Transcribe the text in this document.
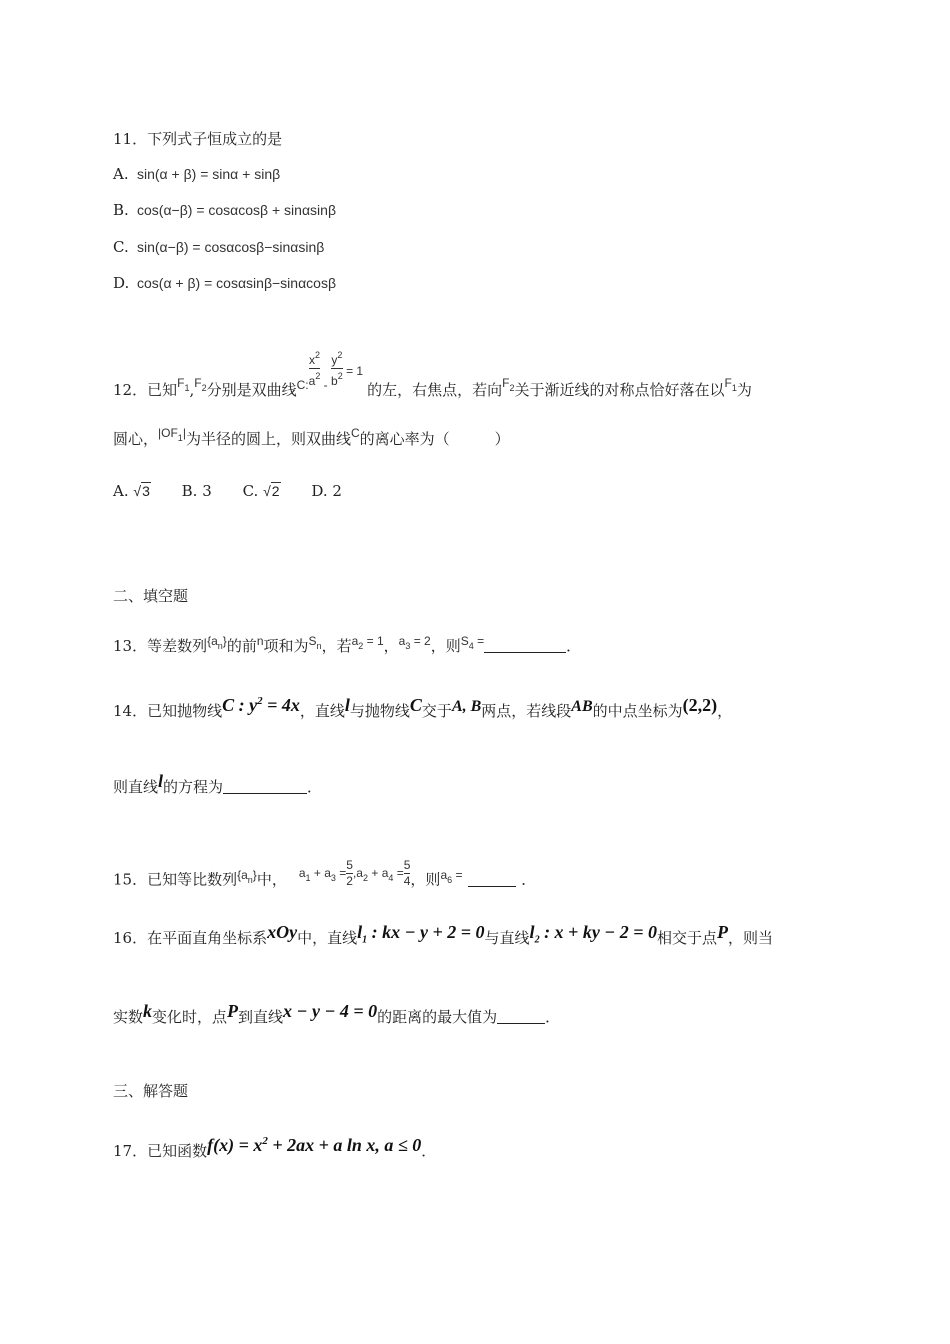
11．下列式子恒成立的是
A. sin(α + β) = sinα + sinβ
B. cos(α−β) = cosαcosβ + sinαsinβ
C. sin(α−β) = cosαcosβ−sinαsinβ
D. cos(α + β) = cosαsinβ−sinαcosβ
12．已知$^{F_1}$,$^{F_2}$分别是双曲线$^{C: \frac{x^2}{a^2} - \frac{y^2}{b^2} = 1}$的左，右焦点，若向$^{F_2}$关于渐近线的对称点恰好落在以$^{F_1}$为
圆心，$^{|OF_1|}$为半径的圆上，则双曲线$^C$的离心率为（　　　）
A. √3 B. 3 C. √2 D. 2
二、填空题
13．等差数列$^{\{a_n\}}$的前$^n$项和为$^{S_n}$，若$^{a_2 = 1}$，$^{a_3 = 2}$，则$^{S_4 =}$	．
14．已知抛物线C : $y^2 = 4x$，直线l与抛物线C交于A, B两点，若线段AB的中点坐标为(2,2)，
则直线l的方程为	．
15．已知等比数列$^{\{a_n\}}$中， $^{a_1 + a_3 = \frac{5}{2} ,a_2 + a_4 = \frac{5}{4}}$ ，则$^{a_6 =}$	．
16．在平面直角坐标系xOy中，直线$l_1$ : kx − y + 2 = 0与直线$l_2$ : x + ky − 2 = 0相交于点P，则当
实数k变化时，点P到直线x − y − 4 = 0的距离的最大值为	．
三、解答题
17．已知函数$f(x) = x^2 + 2ax + a$ ln x, a ≤ 0．
